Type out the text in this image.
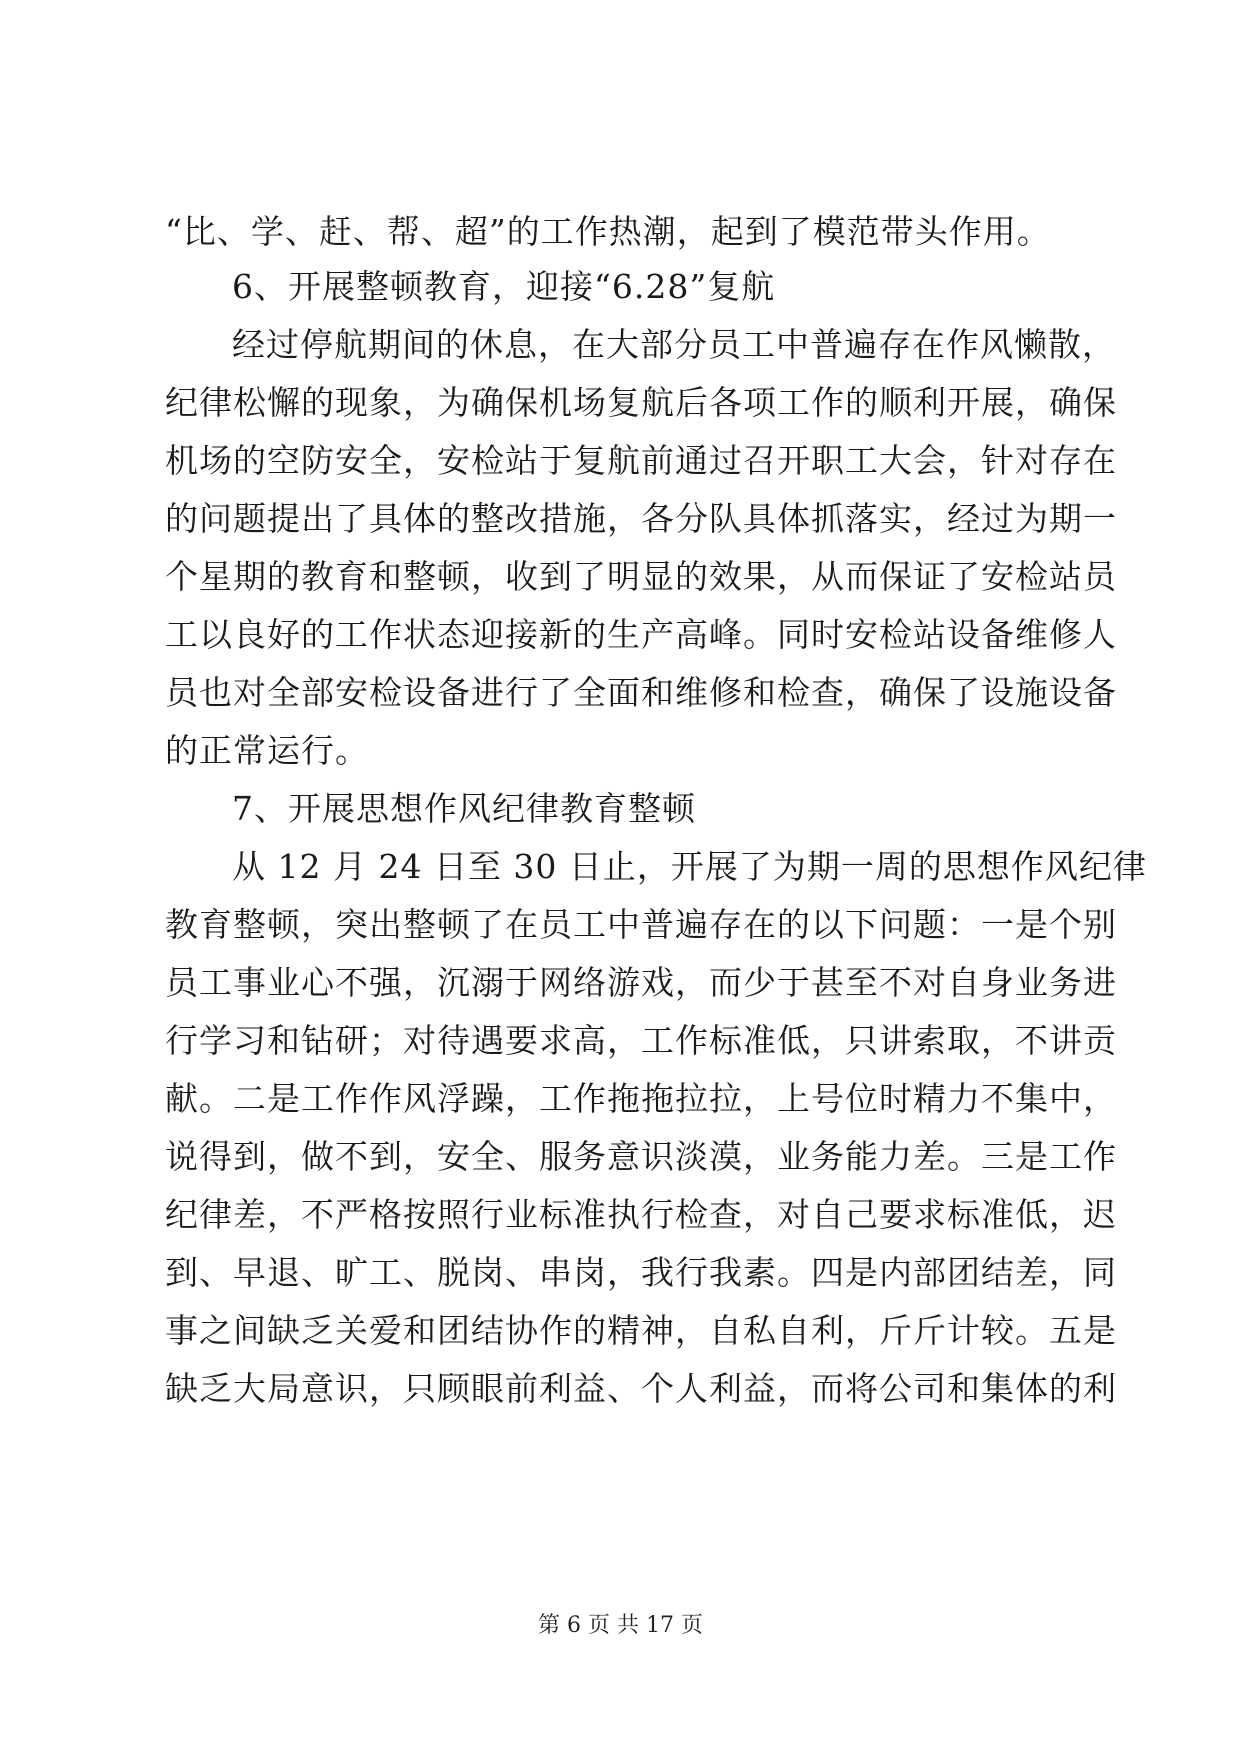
“比、学、赶、帮、超”的工作热潮，起到了模范带头作用。
6、开展整顿教育，迎接“6.28”复航
经过停航期间的休息，在大部分员工中普遍存在作风懒散，
纪律松懈的现象，为确保机场复航后各项工作的顺利开展，确保
机场的空防安全，安检站于复航前通过召开职工大会，针对存在
的问题提出了具体的整改措施，各分队具体抓落实，经过为期一
个星期的教育和整顿，收到了明显的效果，从而保证了安检站员
工以良好的工作状态迎接新的生产高峰。同时安检站设备维修人
员也对全部安检设备进行了全面和维修和检查，确保了设施设备
的正常运行。
7、开展思想作风纪律教育整顿
从 12 月 24 日至 30 日止，开展了为期一周的思想作风纪律
教育整顿，突出整顿了在员工中普遍存在的以下问题：一是个别
员工事业心不强，沉溺于网络游戏，而少于甚至不对自身业务进
行学习和钻研；对待遇要求高，工作标准低，只讲索取，不讲贡
献。二是工作作风浮躁，工作拖拖拉拉，上号位时精力不集中，
说得到，做不到，安全、服务意识淡漠，业务能力差。三是工作
纪律差，不严格按照行业标准执行检查，对自己要求标准低，迟
到、早退、旷工、脱岗、串岗，我行我素。四是内部团结差，同
事之间缺乏关爱和团结协作的精神，自私自利，斤斤计较。五是
缺乏大局意识，只顾眼前利益、个人利益，而将公司和集体的利
第 6 页 共 17 页
